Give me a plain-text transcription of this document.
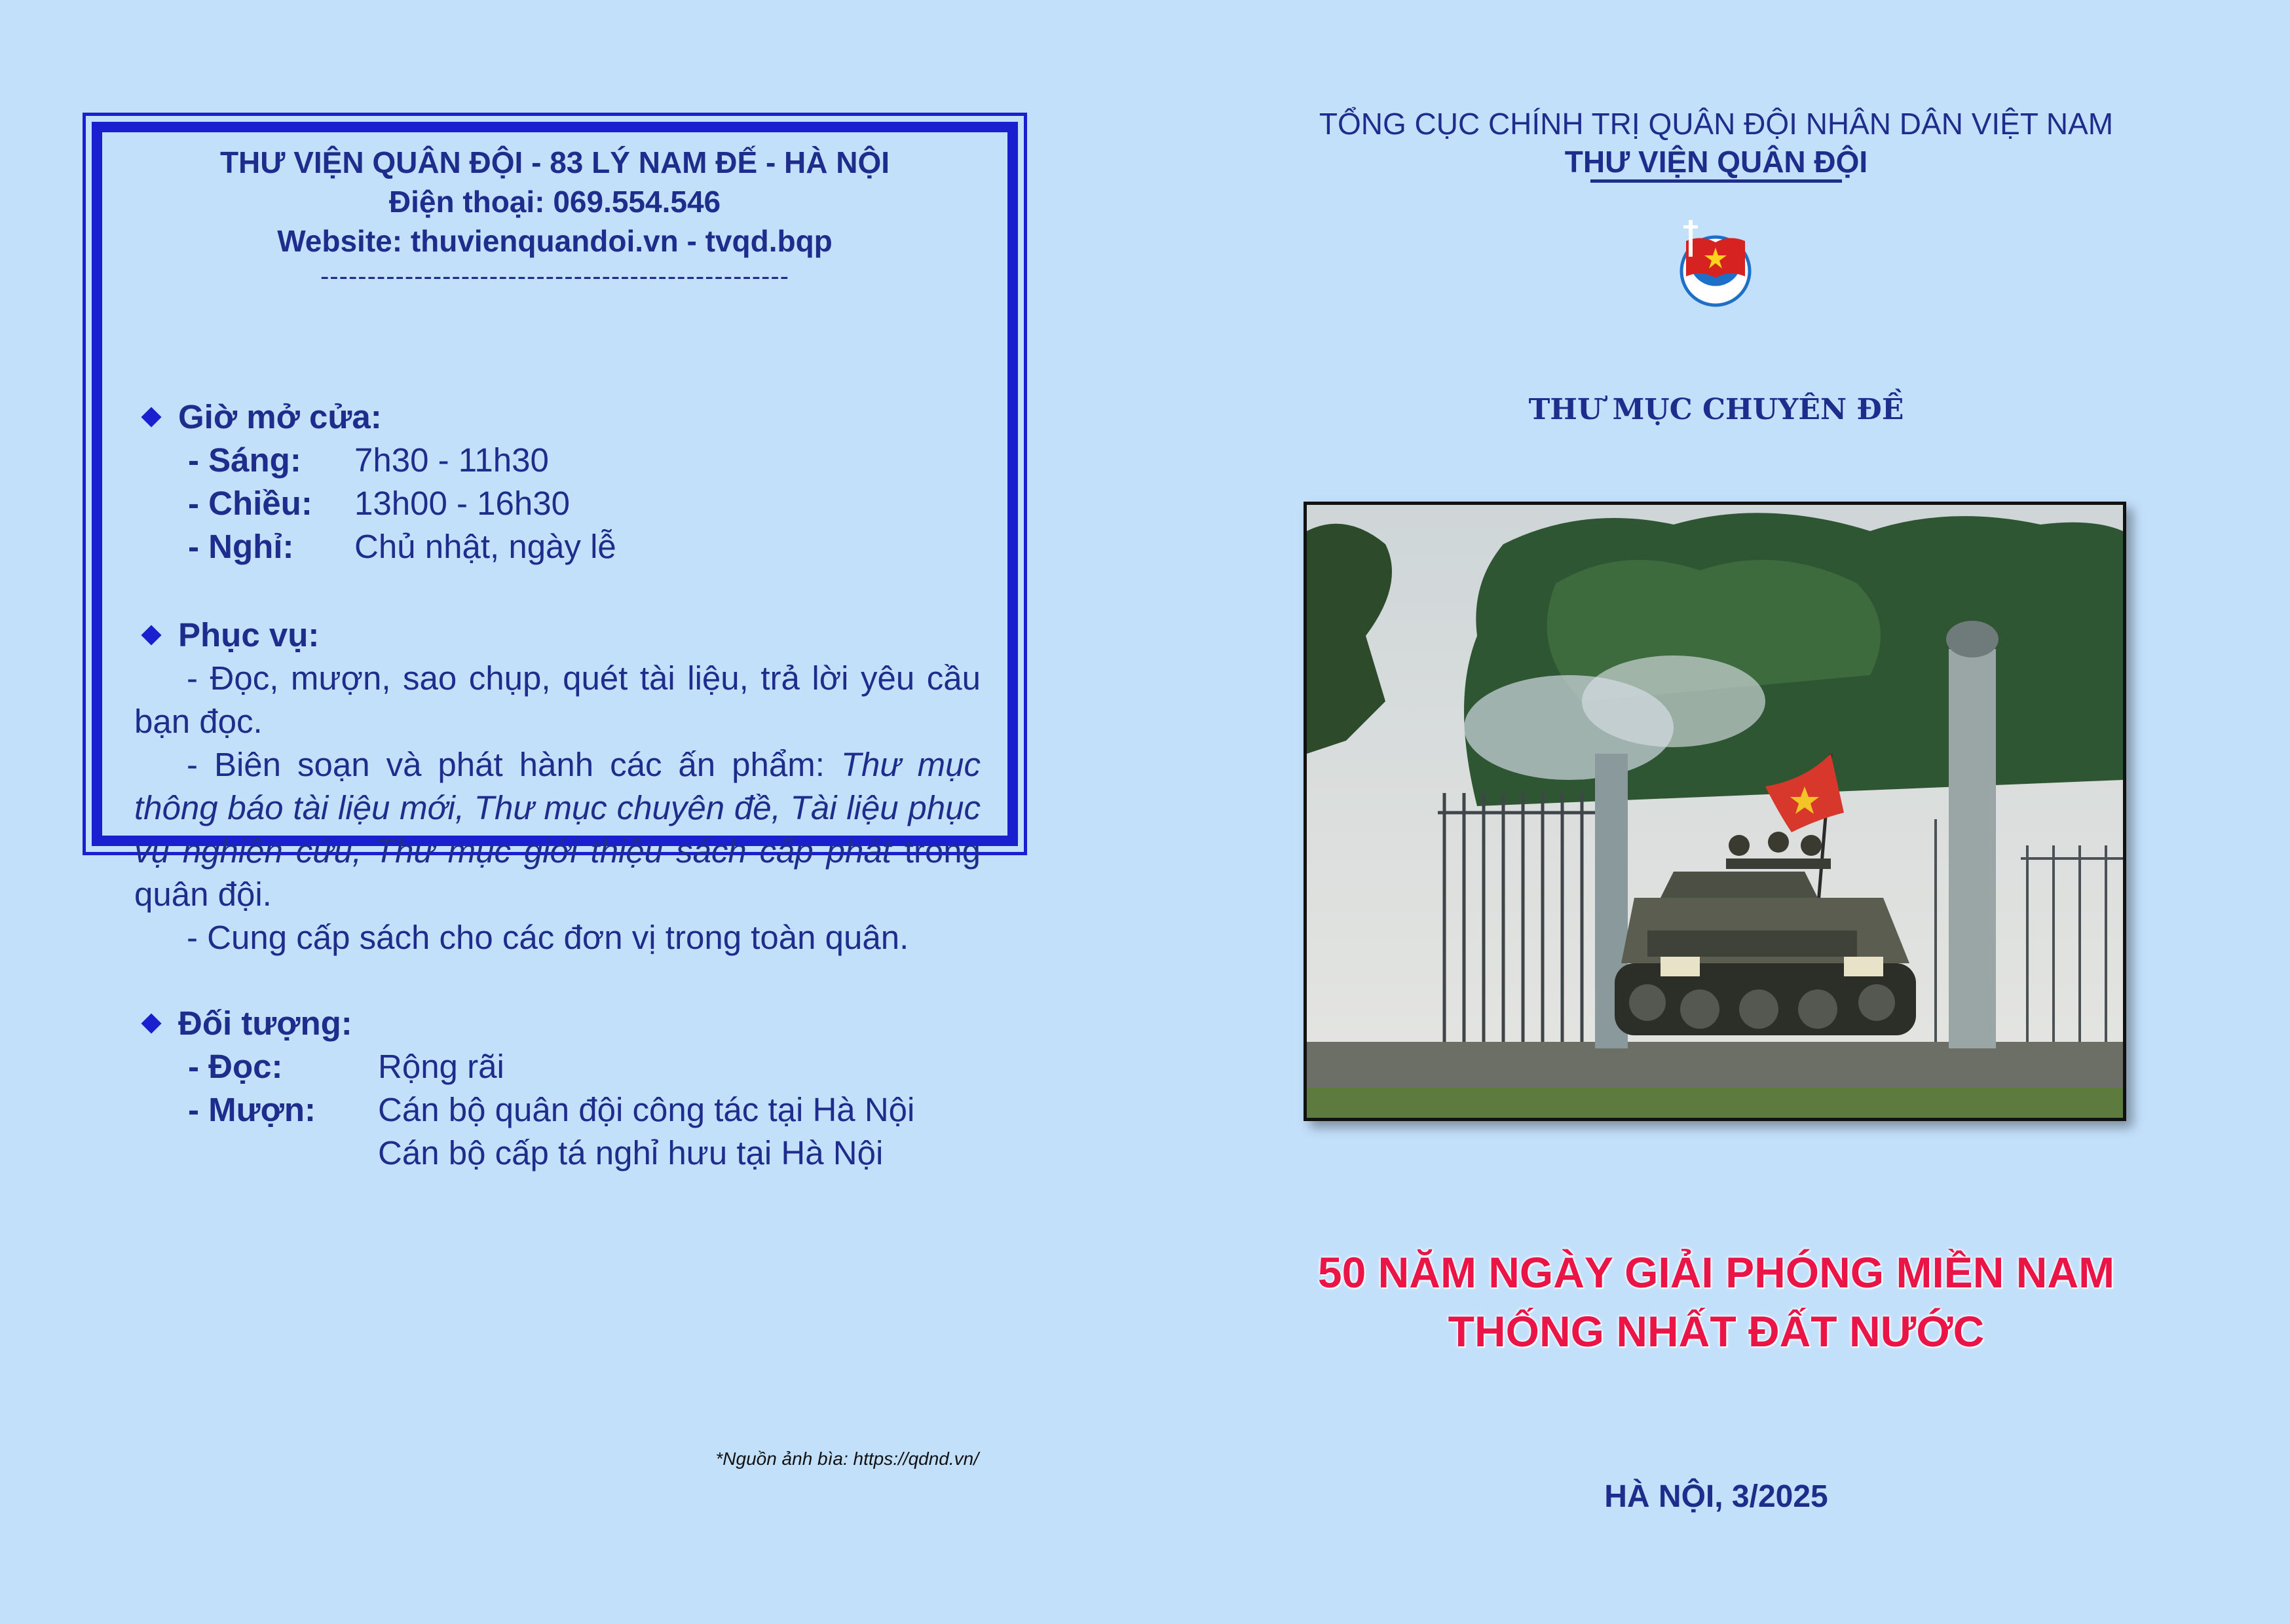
THƯ VIỆN QUÂN ĐỘI - 83 LÝ NAM ĐẾ - HÀ NỘI
Điện thoại: 069.554.546
Website: thuvienquandoi.vn - tvqd.bqp
--------------------------------------------------
Giờ mở cửa:
- Sáng:	7h30 - 11h30
- Chiều:	13h00 - 16h30
- Nghỉ:	Chủ nhật, ngày lễ
Phục vụ:

- Đọc, mượn, sao chụp, quét tài liệu, trả lời yêu cầu bạn đọc.

- Biên soạn và phát hành các ấn phẩm: Thư mục thông báo tài liệu mới, Thư mục chuyên đề, Tài liệu phục vụ nghiên cứu, Thư mục giới thiệu sách cấp phát trong quân đội.

- Cung cấp sách cho các đơn vị trong toàn quân.

Đối tượng:
- Đọc:	Rộng rãi
- Mượn:	Cán bộ quân đội công tác tại Hà Nội
Cán bộ cấp tá nghỉ hưu tại Hà Nội
*Nguồn ảnh bìa: https://qdnd.vn/
TỔNG CỤC CHÍNH TRỊ QUÂN ĐỘI NHÂN DÂN VIỆT NAM
THƯ VIỆN QUÂN ĐỘI
TVQĐ
THƯ MỤC CHUYÊN ĐỀ
50 NĂM NGÀY GIẢI PHÓNG MIỀN NAM
THỐNG NHẤT ĐẤT NƯỚC
HÀ NỘI, 3/2025
